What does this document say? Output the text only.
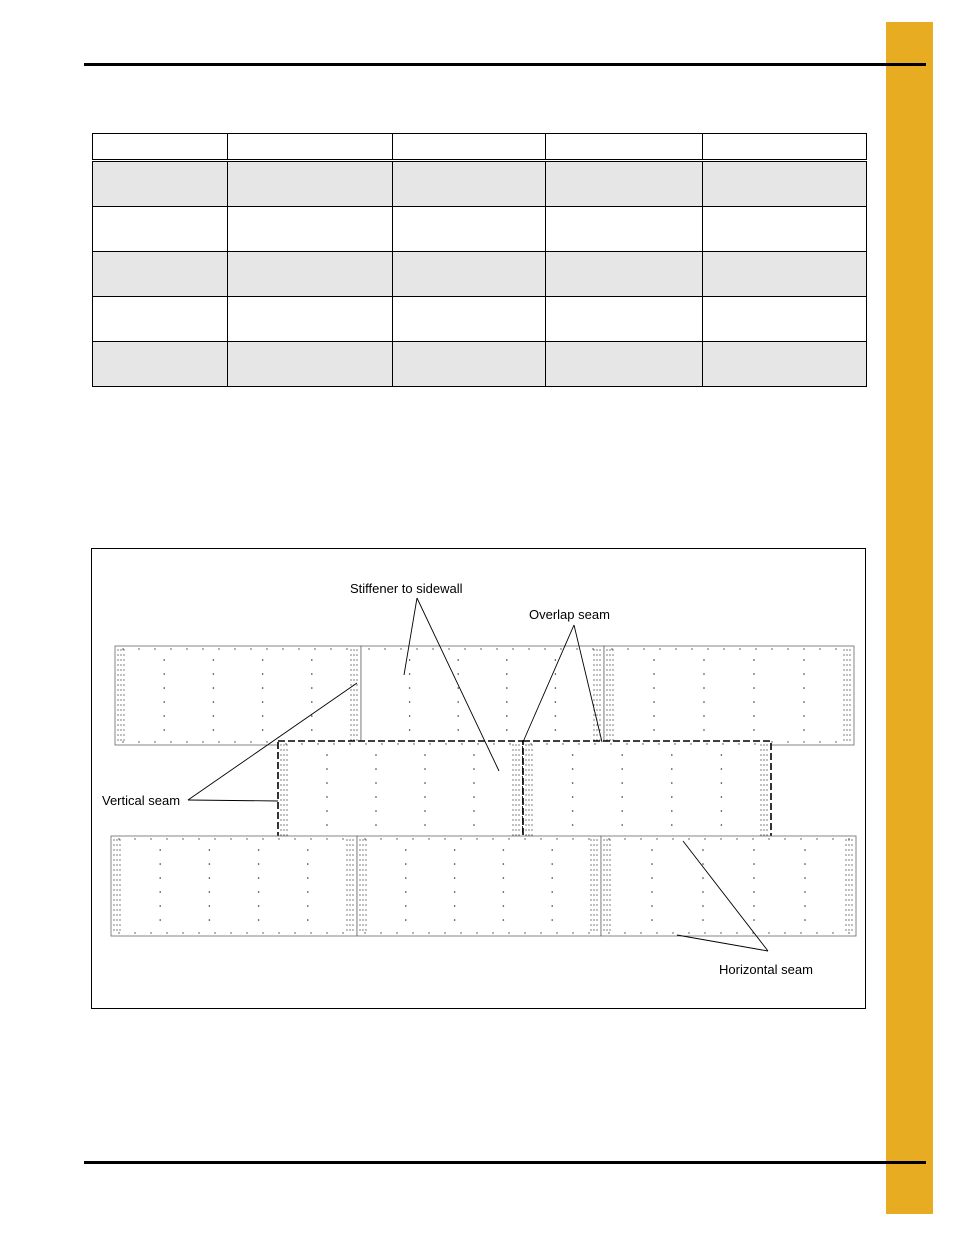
Stiffener to sidewall
Overlap seam
Vertical seam
Horizontal seam
